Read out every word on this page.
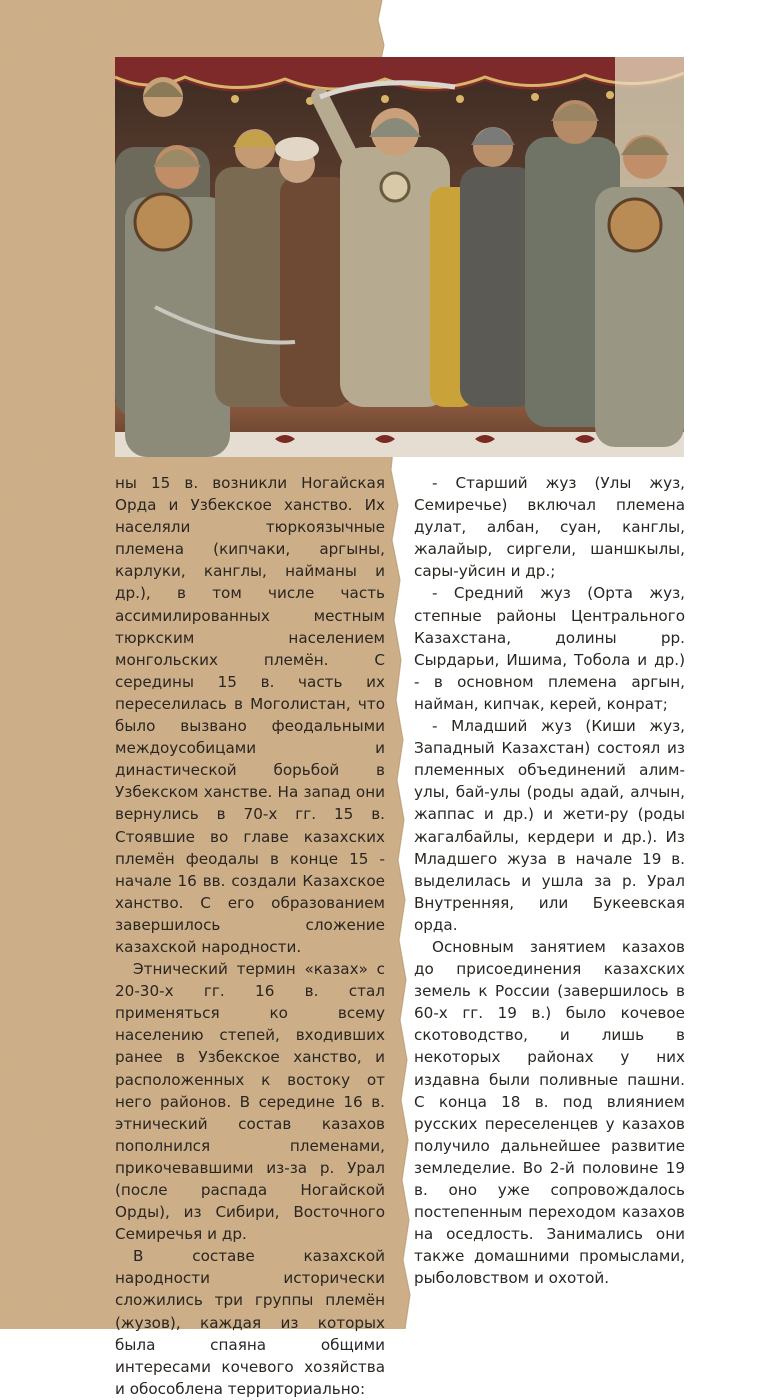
ны 15 в. возникли Ногайская Орда и Узбекское ханство. Их населяли тюркоязычные племена (кипчаки, аргыны, карлуки, канглы, найманы и др.), в том числе часть ассимилированных местным тюркским населением монгольских племён. С середины 15 в. часть их переселилась в Моголистан, что было вызвано феодальными междоусобицами и династической борьбой в Узбекском ханстве. На запад они вернулись в 70-х гг. 15 в. Стоявшие во главе казахских племён феодалы в конце 15 - начале 16 вв. создали Казахское ханство. С его образованием завершилось сложение казахской народности.

Этнический термин «казах» с 20-30-х гг. 16 в. стал применяться ко всему населению степей, входивших ранее в Узбекское ханство, и расположенных к востоку от него районов. В середине 16 в. этнический состав казахов пополнился племенами, прикочевавшими из-за р. Урал (после распада Ногайской Орды), из Сибири, Восточного Семиречья и др.

В составе казахской народности исторически сложились три группы племён (жузов), каждая из которых была спаяна общими интересами кочевого хозяйства и обособлена территориально:

- Старший жуз (Улы жуз, Семиречье) включал племена дулат, албан, суан, канглы, жалайыр, сиргели, шаншкылы, сары-уйсин и др.;

- Средний жуз (Орта жуз, степные районы Центрального Казахстана, долины рр. Сырдарьи, Ишима, Тобола и др.) - в основном племена аргын, найман, кипчак, керей, конрат;

- Младший жуз (Киши жуз, Западный Казахстан) состоял из племенных объединений алим-улы, бай-улы (роды адай, алчын, жаппас и др.) и жети-ру (роды жагалбайлы, кердери и др.). Из Младшего жуза в начале 19 в. выделилась и ушла за р. Урал Внутренняя, или Букеевская орда.

Основным занятием казахов до присоединения казахских земель к России (завершилось в 60-х гг. 19 в.) было кочевое скотоводство, и лишь в некоторых районах у них издавна были поливные пашни. С конца 18 в. под влиянием русских переселенцев у казахов получило дальнейшее развитие земледелие. Во 2-й половине 19 в. оно уже сопровождалось постепенным переходом казахов на оседлость. Занимались они также домашними промыслами, рыболовством и охотой.
